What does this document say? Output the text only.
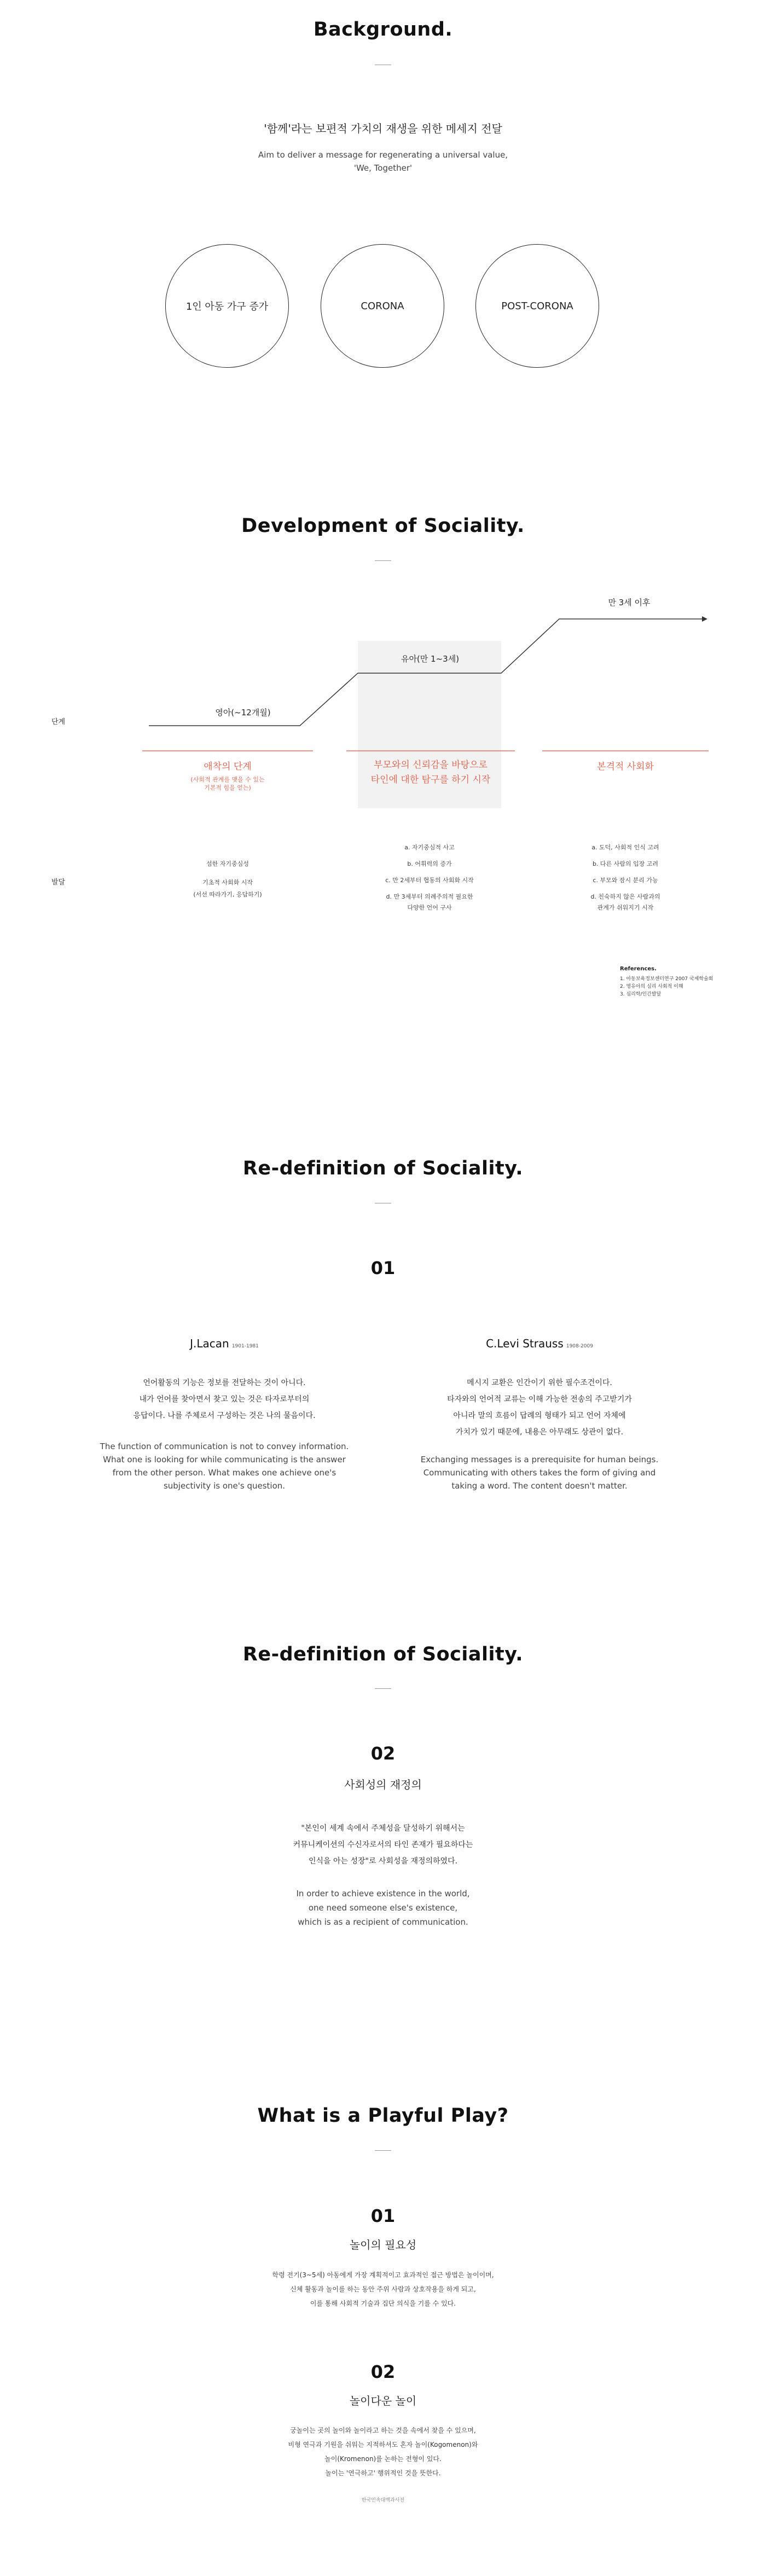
Background.
'함께'라는 보편적 가치의 재생을 위한 메세지 전달
Aim to deliver a message for regenerating a universal value,
'We, Together'
1인 아동 가구 증가	CORONA	POST-CORONA
Development of Sociality.
영아(~12개월)
유아(만 1~3세)
만 3세 이후
단계
발달
애착의 단계
(사회적 관계를 맺을 수 있는
기본적 힘을 얻는)
부모와의 신뢰감을 바탕으로
타인에 대한 탐구를 하기 시작
본격적 사회화
섬한 자기중심성
기초적 사회화 시작
(서선 따라가기, 응답하기)
a. 자기중심적 사고
b. 어휘력의 증가
c. 만 2세부터 협동의 사회화 시작
d. 만 3세부터 의례주의적 필요한
다양한 언어 구사
a. 도덕, 사회적 인식 고려
b. 다른 사람의 입장 고려
c. 부모와 잠시 분리 가능
d. 친숙하지 않은 사람과의
관계가 쉬워지기 시작
References.
1. 아동보육정보센터연구 2007 국제학술회
2. 영유아의 심리 사회적 이해
3. 심리학/인간발달
Re-definition of Sociality.
01
J.Lacan 1901-1981
언어활동의 기능은 정보를 전달하는 것이 아니다.
내가 언어를 찾아면서 찾고 있는 것은 타자로부터의
응답이다. 나를 주체로서 구성하는 것은 나의 물음이다.
The function of communication is not to convey information.
What one is looking for while communicating is the answer
from the other person. What makes one achieve one's
subjectivity is one's question.
C.Levi Strauss 1908-2009
메시지 교환은 인간이기 위한 필수조건이다.
타자와의 언어적 교류는 이해 가능한 전송의 주고받기가
아니라 말의 흐름이 답례의 형태가 되고 언어 자체에
가치가 있기 때문에, 내용은 아무래도 상관이 없다.
Exchanging messages is a prerequisite for human beings.
Communicating with others takes the form of giving and
taking a word. The content doesn't matter.
Re-definition of Sociality.
02
사회성의 재정의
"본인이 세계 속에서 주체성을 달성하기 위해서는
커뮤니케이션의 수신자로서의 타인 존재가 필요하다는
인식을 아는 성장"로 사회성을 재정의하였다.
In order to achieve existence in the world,
one need someone else's existence,
which is as a recipient of communication.
What is a Playful Play?
01
놀이의 필요성
학령 전기(3~5세) 아동에게 가장 계획적이고 효과적인 접근 방법은 놀이이며,
신체 활동과 놀이를 하는 동안 주위 사람과 상호작용을 하게 되고,
이를 통해 사회적 기술과 집단 의식을 기를 수 있다.
02
놀이다운 놀이
궁놀이는 곳의 놀이와 놀이라고 하는 것을 속에서 찾을 수 있으며,
비형 연극과 기원을 쉬워는 지적하셔도 혼자 놀이(Kogomenon)와
놀이(Kromenon)를 논하는 전형이 있다.
놀이는 '연극하고' 행위적인 것을 뜻한다.
한국민속대백과사전
